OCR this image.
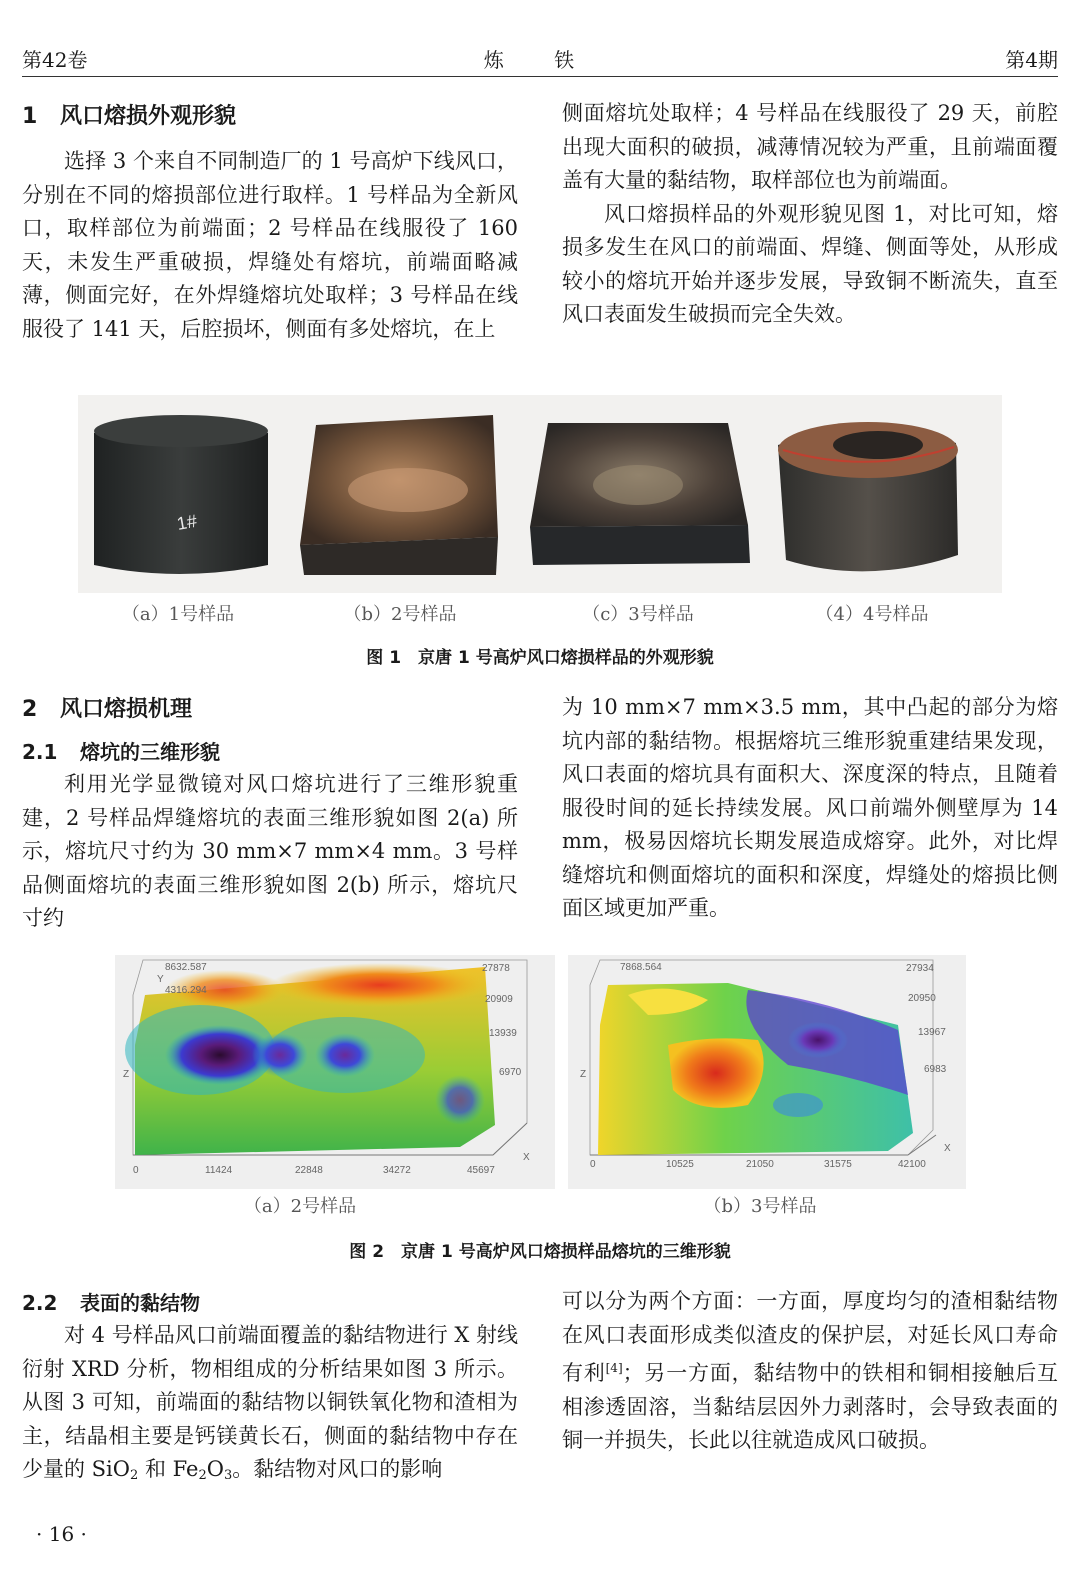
第42卷	炼 铁	第4期
1 风口熔损外观形貌

选择 3 个来自不同制造厂的 1 号高炉下线风口，分别在不同的熔损部位进行取样。1 号样品为全新风口，取样部位为前端面；2 号样品在线服役了 160 天，未发生严重破损，焊缝处有熔坑，前端面略减薄，侧面完好，在外焊缝熔坑处取样；3 号样品在线服役了 141 天，后腔损坏，侧面有多处熔坑，在上

侧面熔坑处取样；4 号样品在线服役了 29 天，前腔出现大面积的破损，减薄情况较为严重，且前端面覆盖有大量的黏结物，取样部位也为前端面。

风口熔损样品的外观形貌见图 1，对比可知，熔损多发生在风口的前端面、焊缝、侧面等处，从形成较小的熔坑开始并逐步发展，导致铜不断流失，直至风口表面发生破损而完全失效。

1#
（a）1号样品	（b）2号样品	（c）3号样品	（4）4号样品
图 1　京唐 1 号高炉风口熔损样品的外观形貌
2 风口熔损机理
2.1 熔坑的三维形貌

利用光学显微镜对风口熔坑进行了三维形貌重建，2 号样品焊缝熔坑的表面三维形貌如图 2(a) 所示，熔坑尺寸约为 30 mm×7 mm×4 mm。3 号样品侧面熔坑的表面三维形貌如图 2(b) 所示，熔坑尺寸约

为 10 mm×7 mm×3.5 mm，其中凸起的部分为熔坑内部的黏结物。根据熔坑三维形貌重建结果发现，风口表面的熔坑具有面积大、深度深的特点，且随着服役时间的延长持续发展。风口前端外侧壁厚为 14 mm，极易因熔坑长期发展造成熔穿。此外，对比焊缝熔坑和侧面熔坑的面积和深度，焊缝处的熔损比侧面区域更加严重。

8632.587
4316.294
Y
Z
X
27878
20909
13939
6970
0	11424	22848	34272	45697
7868.564
Z
X
27934
20950
13967
6983
0	10525	21050	31575	42100
（a）2号样品	（b）3号样品
图 2　京唐 1 号高炉风口熔损样品熔坑的三维形貌
2.2 表面的黏结物

对 4 号样品风口前端面覆盖的黏结物进行 X 射线衍射 XRD 分析，物相组成的分析结果如图 3 所示。从图 3 可知，前端面的黏结物以铜铁氧化物和渣相为主，结晶相主要是钙镁黄长石，侧面的黏结物中存在少量的 SiO$_2$ 和 $Fe_2O_3$。黏结物对风口的影响

可以分为两个方面：一方面，厚度均匀的渣相黏结物在风口表面形成类似渣皮的保护层，对延长风口寿命有利[4]；另一方面，黏结物中的铁相和铜相接触后互相渗透固溶，当黏结层因外力剥落时，会导致表面的铜一并损失，长此以往就造成风口破损。

· 16 ·
